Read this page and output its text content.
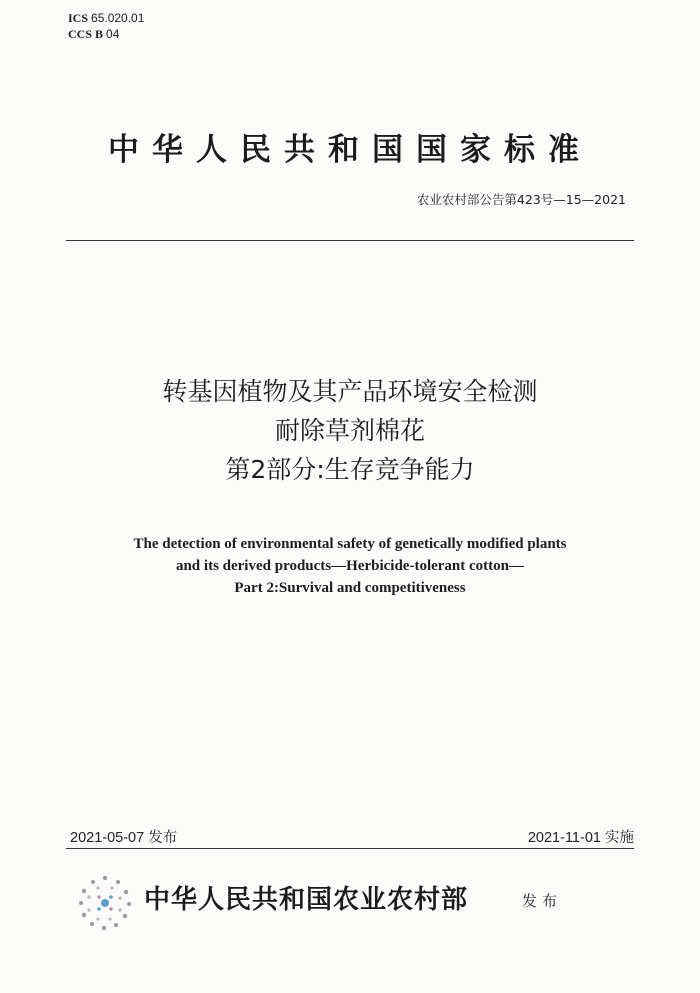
ICS 65.020.01
CCS B 04
中华人民共和国国家标准
农业农村部公告第423号—15—2021
转基因植物及其产品环境安全检测
耐除草剂棉花
第2部分:生存竞争能力
The detection of environmental safety of genetically modified plants
and its derived products—Herbicide-tolerant cotton—
Part 2:Survival and competitiveness
2021-05-07 发布	2021-11-01 实施
中华人民共和国农业农村部	发布
